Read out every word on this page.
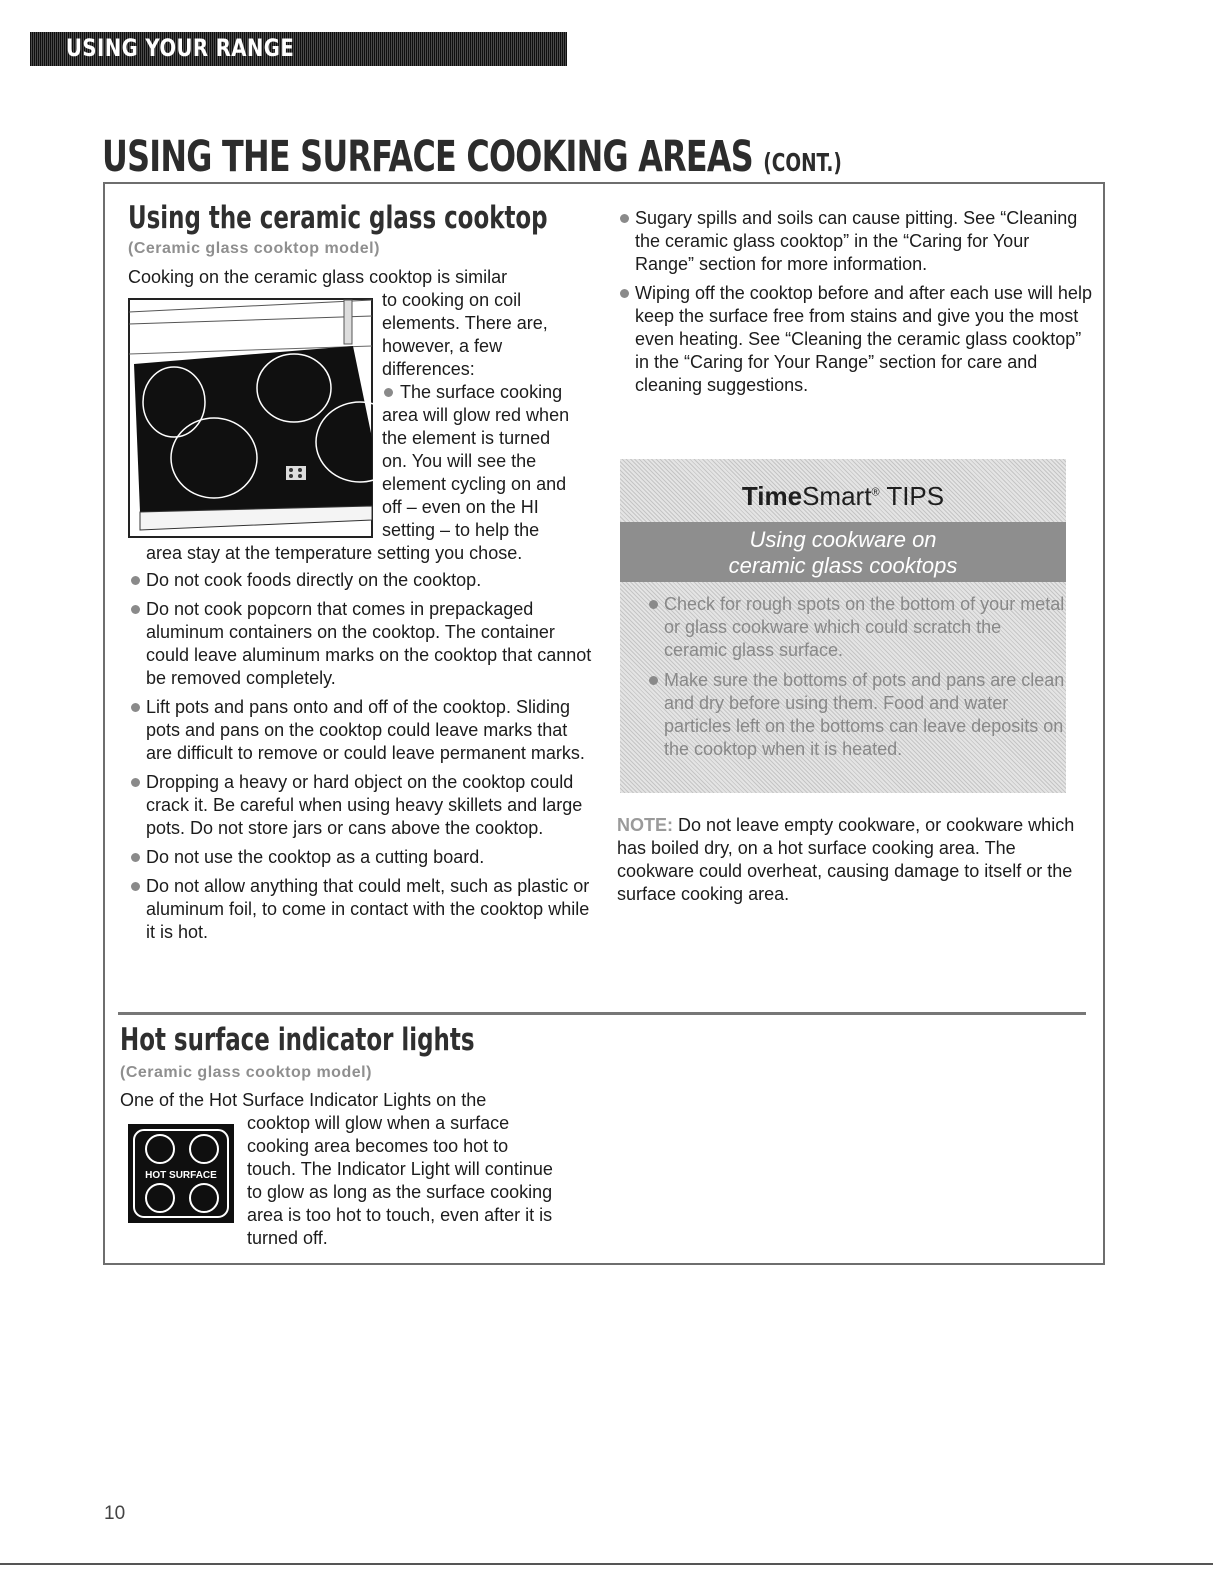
USING YOUR RANGE
USING THE SURFACE COOKING AREAS (CONT.)
Using the ceramic glass cooktop
(Ceramic glass cooktop model)

Cooking on the ceramic glass cooktop is similar

to cooking on coil

elements. There are,

however, a few

differences:

The surface cooking

area will glow red when

the element is turned

on. You will see the

element cycling on and

off – even on the HI

setting – to help the

area stay at the temperature setting you chose.

Do not cook foods directly on the cooktop.
Do not cook popcorn that comes in prepackaged aluminum containers on the cooktop. The container could leave aluminum marks on the cooktop that cannot be removed completely.
Lift pots and pans onto and off of the cooktop. Sliding pots and pans on the cooktop could leave marks that are difficult to remove or could leave permanent marks.
Dropping a heavy or hard object on the cooktop could crack it. Be careful when using heavy skillets and large pots. Do not store jars or cans above the cooktop.
Do not use the cooktop as a cutting board.
Do not allow anything that could melt, such as plastic or aluminum foil, to come in contact with the cooktop while it is hot.
Sugary spills and soils can cause pitting. See “Cleaning the ceramic glass cooktop” in the “Caring for Your Range” section for more information.
Wiping off the cooktop before and after each use will help keep the surface free from stains and give you the most even heating. See “Cleaning the ceramic glass cooktop” in the “Caring for Your Range” section for care and cleaning suggestions.
TimeSmart® TIPS
Using cookware on
ceramic glass cooktops
Check for rough spots on the bottom of your metal or glass cookware which could scratch the ceramic glass surface.
Make sure the bottoms of pots and pans are clean and dry before using them. Food and water particles left on the bottoms can leave deposits on the cooktop when it is heated.
NOTE: Do not leave empty cookware, or cookware which has boiled dry, on a hot surface cooking area. The cookware could overheat, causing damage to itself or the surface cooking area.
Hot surface indicator lights
(Ceramic glass cooktop model)
One of the Hot Surface Indicator Lights on the
HOT SURFACE

cooktop will glow when a surface

cooking area becomes too hot to

touch. The Indicator Light will continue

to glow as long as the surface cooking

area is too hot to touch, even after it is

turned off.

10
